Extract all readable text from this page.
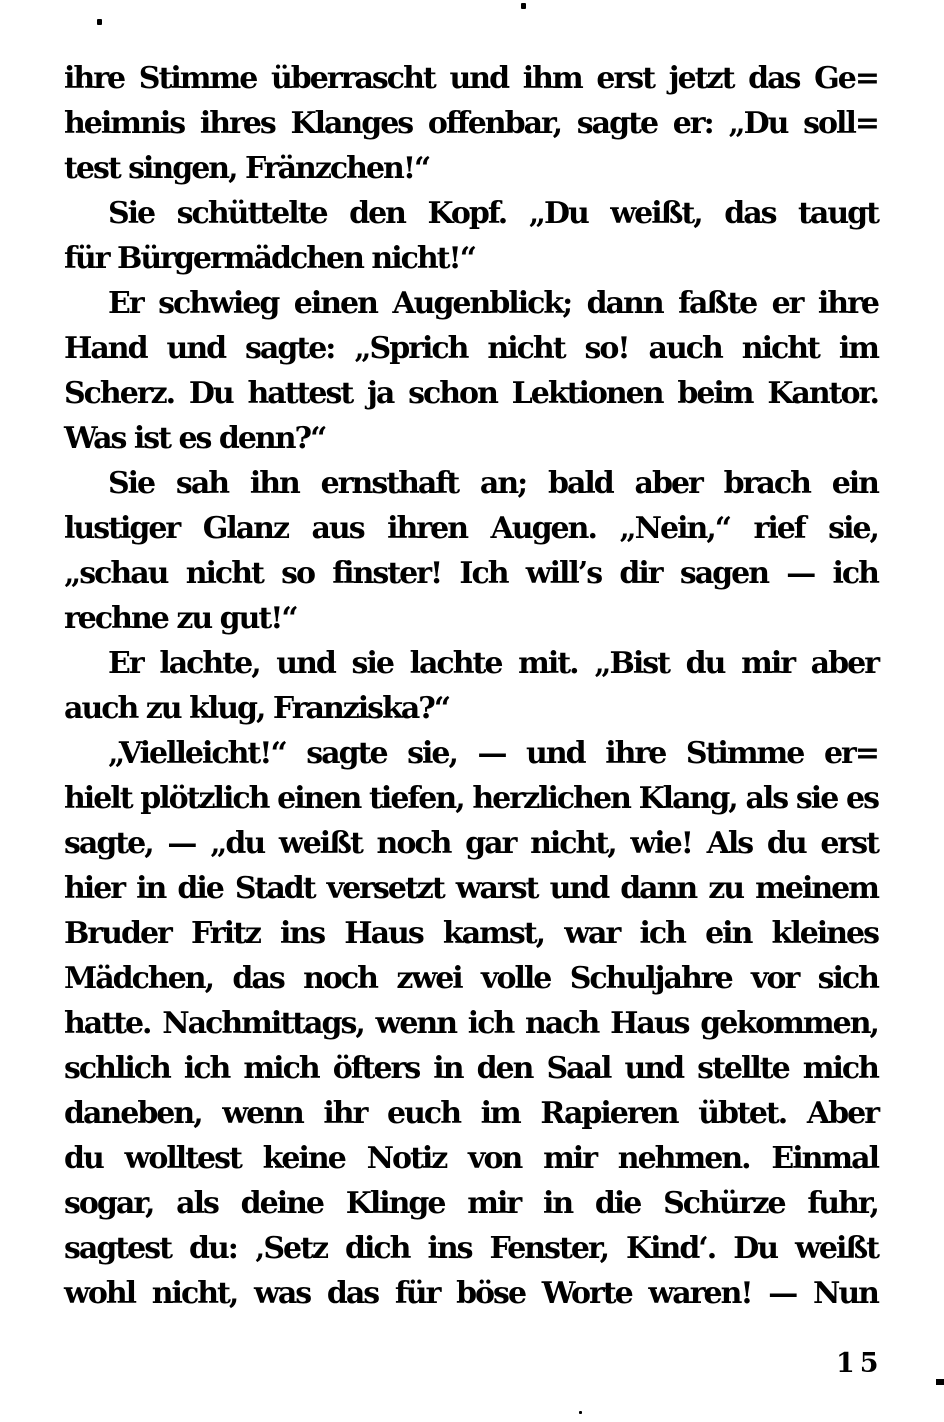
ihre Stimme überrascht und ihm erst jetzt das Ge=
heimnis ihres Klanges offenbar, sagte er: „Du soll=
test singen, Fränzchen!“
Sie schüttelte den Kopf. „Du weißt, das taugt
für Bürgermädchen nicht!“
Er schwieg einen Augenblick; dann faßte er ihre
Hand und sagte: „Sprich nicht so! auch nicht im
Scherz. Du hattest ja schon Lektionen beim Kantor.
Was ist es denn?“
Sie sah ihn ernsthaft an; bald aber brach ein
lustiger Glanz aus ihren Augen. „Nein,“ rief sie,
„schau nicht so finster! Ich will’s dir sagen — ich
rechne zu gut!“
Er lachte, und sie lachte mit. „Bist du mir aber
auch zu klug, Franziska?“
„Vielleicht!“ sagte sie, — und ihre Stimme er=
hielt plötzlich einen tiefen, herzlichen Klang, als sie es
sagte, — „du weißt noch gar nicht, wie! Als du erst
hier in die Stadt versetzt warst und dann zu meinem
Bruder Fritz ins Haus kamst, war ich ein kleines
Mädchen, das noch zwei volle Schuljahre vor sich
hatte. Nachmittags, wenn ich nach Haus gekommen,
schlich ich mich öfters in den Saal und stellte mich
daneben, wenn ihr euch im Rapieren übtet. Aber
du wolltest keine Notiz von mir nehmen. Einmal
sogar, als deine Klinge mir in die Schürze fuhr,
sagtest du: ‚Setz dich ins Fenster, Kind‘. Du weißt
wohl nicht, was das für böse Worte waren! — Nun
15
